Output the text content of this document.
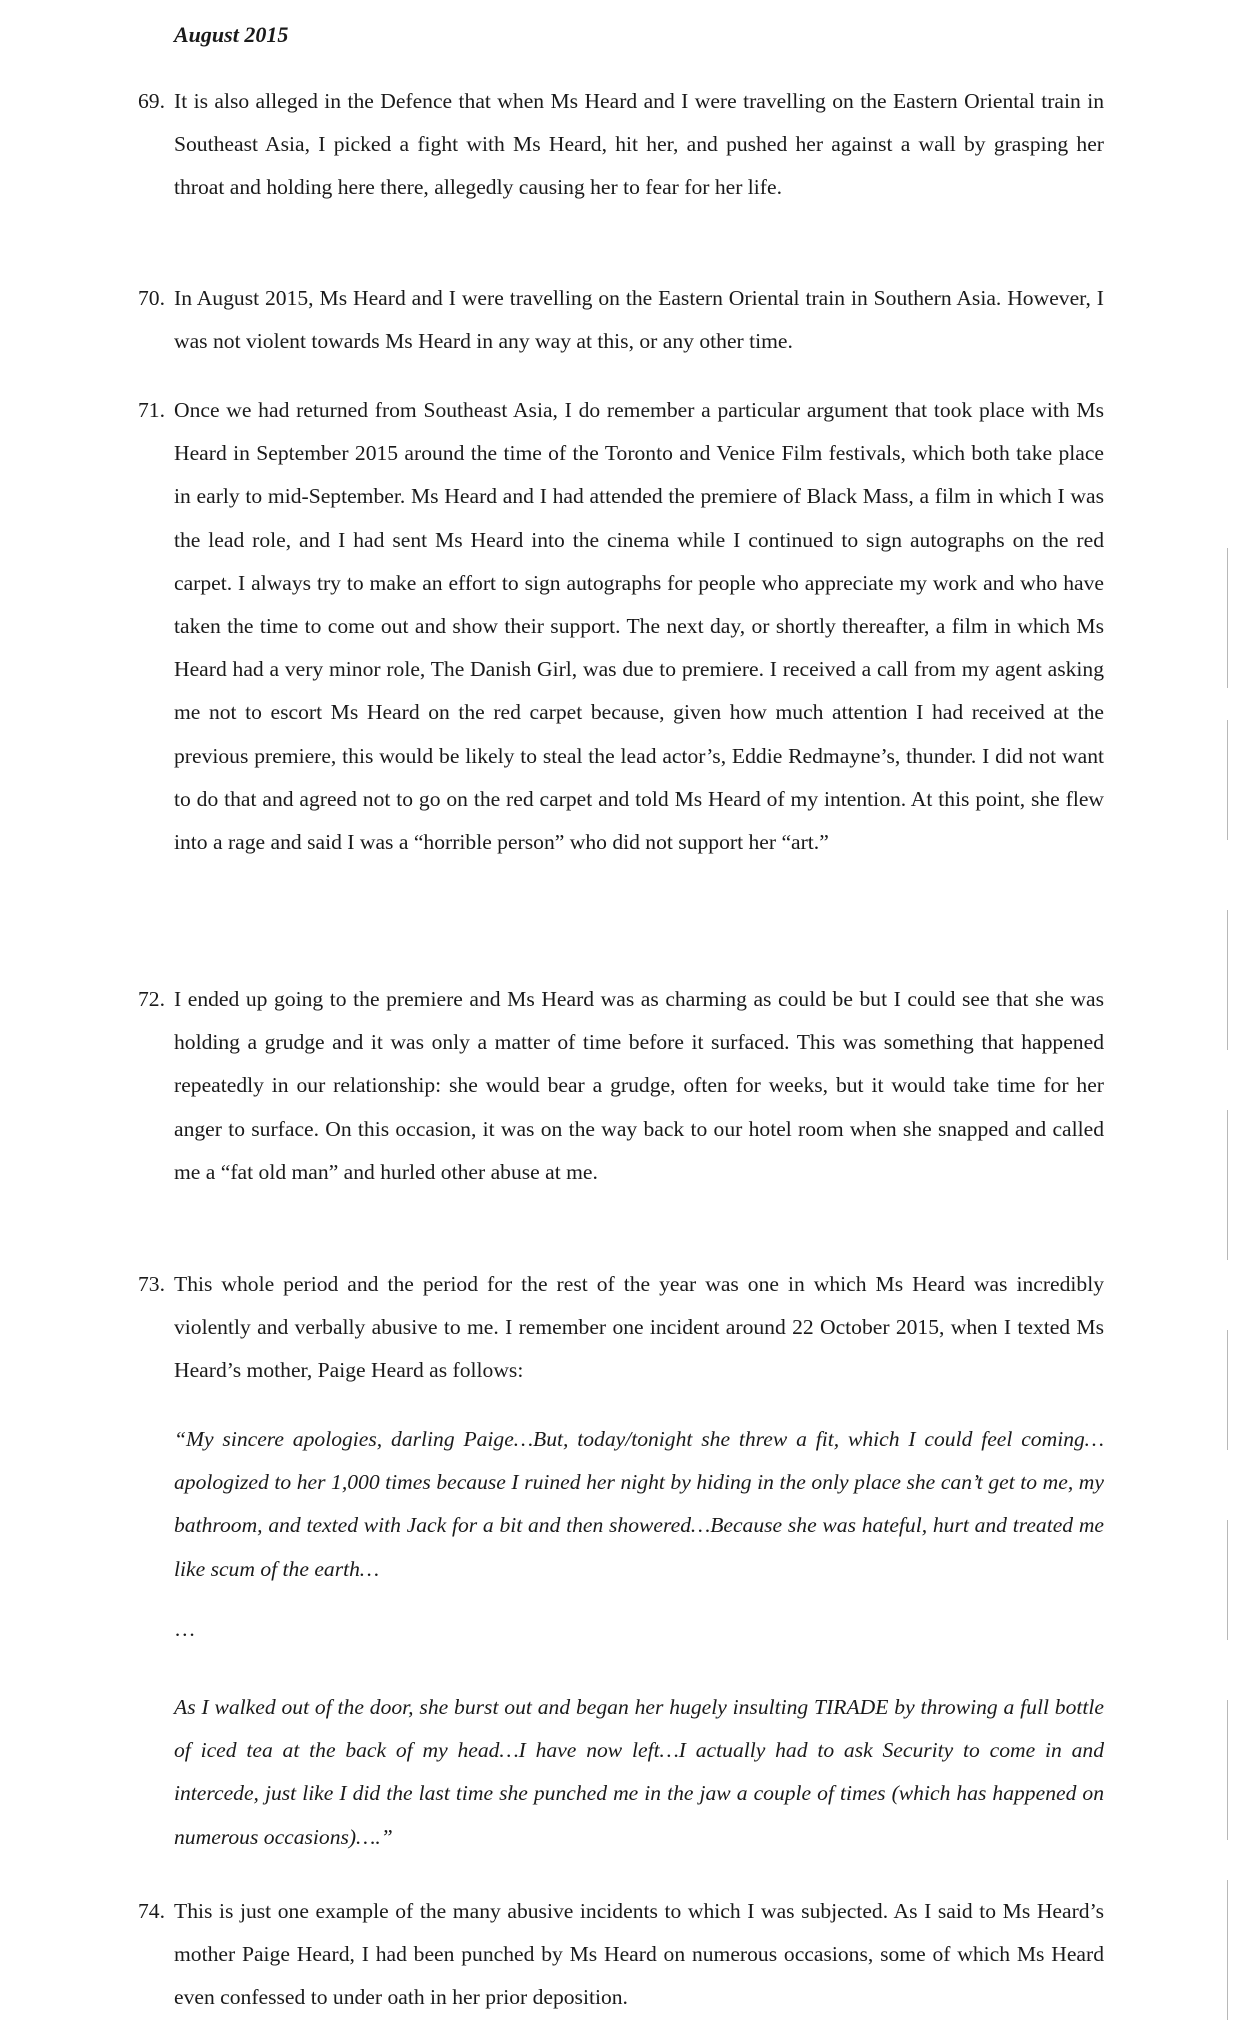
August 2015
69. It is also alleged in the Defence that when Ms Heard and I were travelling on the Eastern Oriental train in Southeast Asia, I picked a fight with Ms Heard, hit her, and pushed her against a wall by grasping her throat and holding here there, allegedly causing her to fear for her life.
70. In August 2015, Ms Heard and I were travelling on the Eastern Oriental train in Southern Asia. However, I was not violent towards Ms Heard in any way at this, or any other time.
71. Once we had returned from Southeast Asia, I do remember a particular argument that took place with Ms Heard in September 2015 around the time of the Toronto and Venice Film festivals, which both take place in early to mid-September. Ms Heard and I had attended the premiere of Black Mass, a film in which I was the lead role, and I had sent Ms Heard into the cinema while I continued to sign autographs on the red carpet. I always try to make an effort to sign autographs for people who appreciate my work and who have taken the time to come out and show their support. The next day, or shortly thereafter, a film in which Ms Heard had a very minor role, The Danish Girl, was due to premiere. I received a call from my agent asking me not to escort Ms Heard on the red carpet because, given how much attention I had received at the previous premiere, this would be likely to steal the lead actor’s, Eddie Redmayne’s, thunder. I did not want to do that and agreed not to go on the red carpet and told Ms Heard of my intention. At this point, she flew into a rage and said I was a “horrible person” who did not support her “art.”
72. I ended up going to the premiere and Ms Heard was as charming as could be but I could see that she was holding a grudge and it was only a matter of time before it surfaced. This was something that happened repeatedly in our relationship: she would bear a grudge, often for weeks, but it would take time for her anger to surface. On this occasion, it was on the way back to our hotel room when she snapped and called me a “fat old man” and hurled other abuse at me.
73. This whole period and the period for the rest of the year was one in which Ms Heard was incredibly violently and verbally abusive to me. I remember one incident around 22 October 2015, when I texted Ms Heard’s mother, Paige Heard as follows:
“My sincere apologies, darling Paige…But, today/tonight she threw a fit, which I could feel coming…apologized to her 1,000 times because I ruined her night by hiding in the only place she can’t get to me, my bathroom, and texted with Jack for a bit and then showered…Because she was hateful, hurt and treated me like scum of the earth…
…
As I walked out of the door, she burst out and began her hugely insulting TIRADE by throwing a full bottle of iced tea at the back of my head…I have now left…I actually had to ask Security to come in and intercede, just like I did the last time she punched me in the jaw a couple of times (which has happened on numerous occasions)….”
74. This is just one example of the many abusive incidents to which I was subjected. As I said to Ms Heard’s mother Paige Heard, I had been punched by Ms Heard on numerous occasions, some of which Ms Heard even confessed to under oath in her prior deposition.
